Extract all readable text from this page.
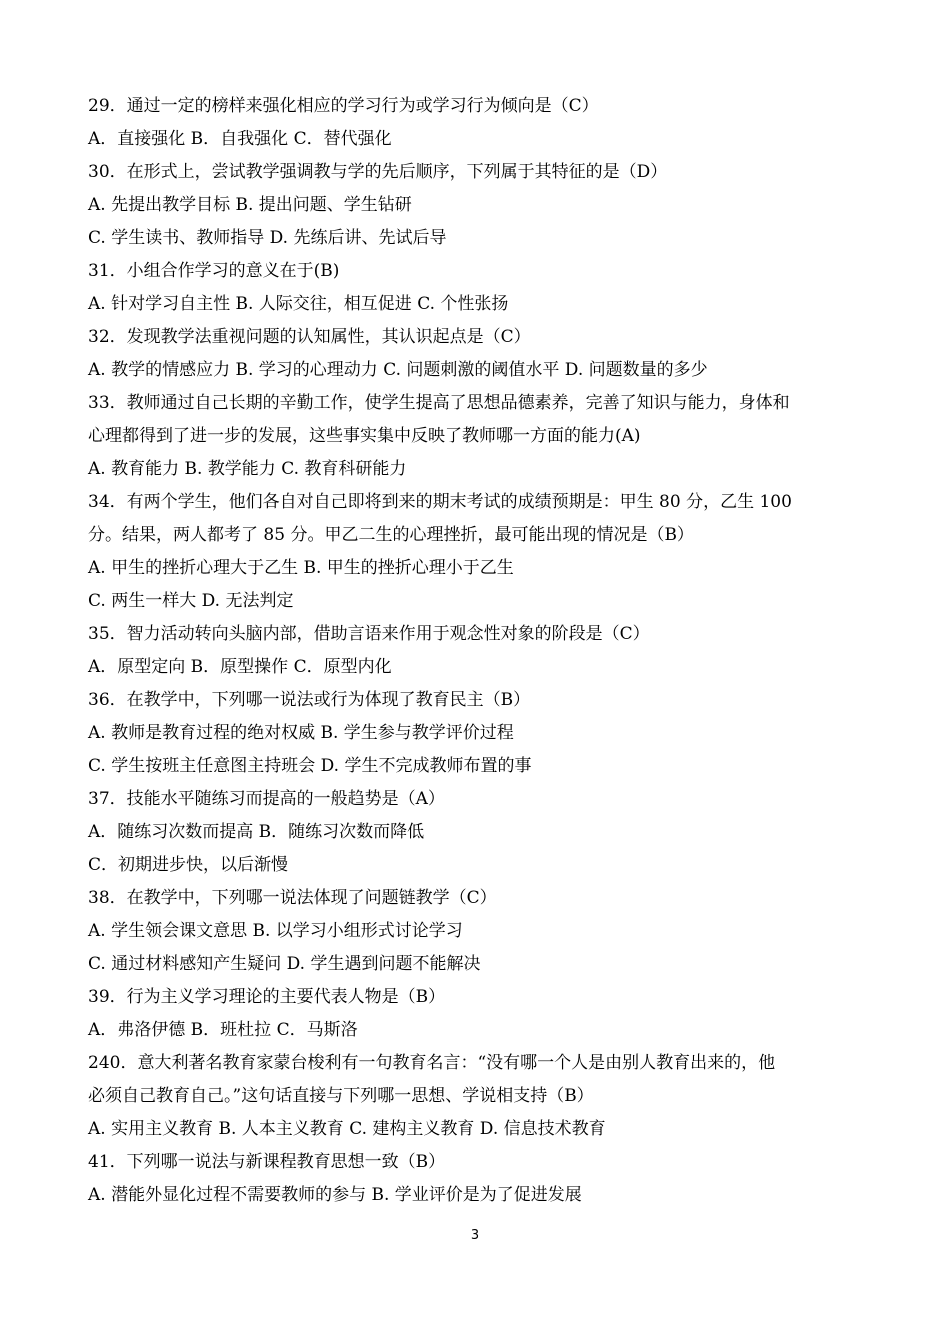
29．通过一定的榜样来强化相应的学习行为或学习行为倾向是（C）
A．直接强化 B．自我强化 C．替代强化
30．在形式上，尝试教学强调教与学的先后顺序，下列属于其特征的是（D）
A. 先提出教学目标 B. 提出问题、学生钻研
C. 学生读书、教师指导 D. 先练后讲、先试后导
31．小组合作学习的意义在于(B)
A. 针对学习自主性 B. 人际交往，相互促进 C. 个性张扬
32．发现教学法重视问题的认知属性，其认识起点是（C）
A. 教学的情感应力 B. 学习的心理动力 C. 问题刺激的阈值水平 D. 问题数量的多少
33．教师通过自己长期的辛勤工作，使学生提高了思想品德素养，完善了知识与能力，身体和
心理都得到了进一步的发展，这些事实集中反映了教师哪一方面的能力(A)
A. 教育能力 B. 教学能力 C. 教育科研能力
34．有两个学生，他们各自对自己即将到来的期末考试的成绩预期是：甲生 80 分，乙生 100
分。结果，两人都考了 85 分。甲乙二生的心理挫折，最可能出现的情况是（B）
A. 甲生的挫折心理大于乙生 B. 甲生的挫折心理小于乙生
C. 两生一样大 D. 无法判定
35．智力活动转向头脑内部，借助言语来作用于观念性对象的阶段是（C）
A．原型定向 B．原型操作 C．原型内化
36．在教学中，下列哪一说法或行为体现了教育民主（B）
A. 教师是教育过程的绝对权威 B. 学生参与教学评价过程
C. 学生按班主任意图主持班会 D. 学生不完成教师布置的事
37．技能水平随练习而提高的一般趋势是（A）
A．随练习次数而提高 B．随练习次数而降低
C．初期进步快，以后渐慢
38．在教学中，下列哪一说法体现了问题链教学（C）
A. 学生领会课文意思 B. 以学习小组形式讨论学习
C. 通过材料感知产生疑问 D. 学生遇到问题不能解决
39．行为主义学习理论的主要代表人物是（B）
A．弗洛伊德 B．班杜拉 C．马斯洛
240．意大利著名教育家蒙台梭利有一句教育名言：“没有哪一个人是由别人教育出来的，他
必须自己教育自己。”这句话直接与下列哪一思想、学说相支持（B）
A. 实用主义教育 B. 人本主义教育 C. 建构主义教育 D. 信息技术教育
41．下列哪一说法与新课程教育思想一致（B）
A. 潜能外显化过程不需要教师的参与 B. 学业评价是为了促进发展
3
